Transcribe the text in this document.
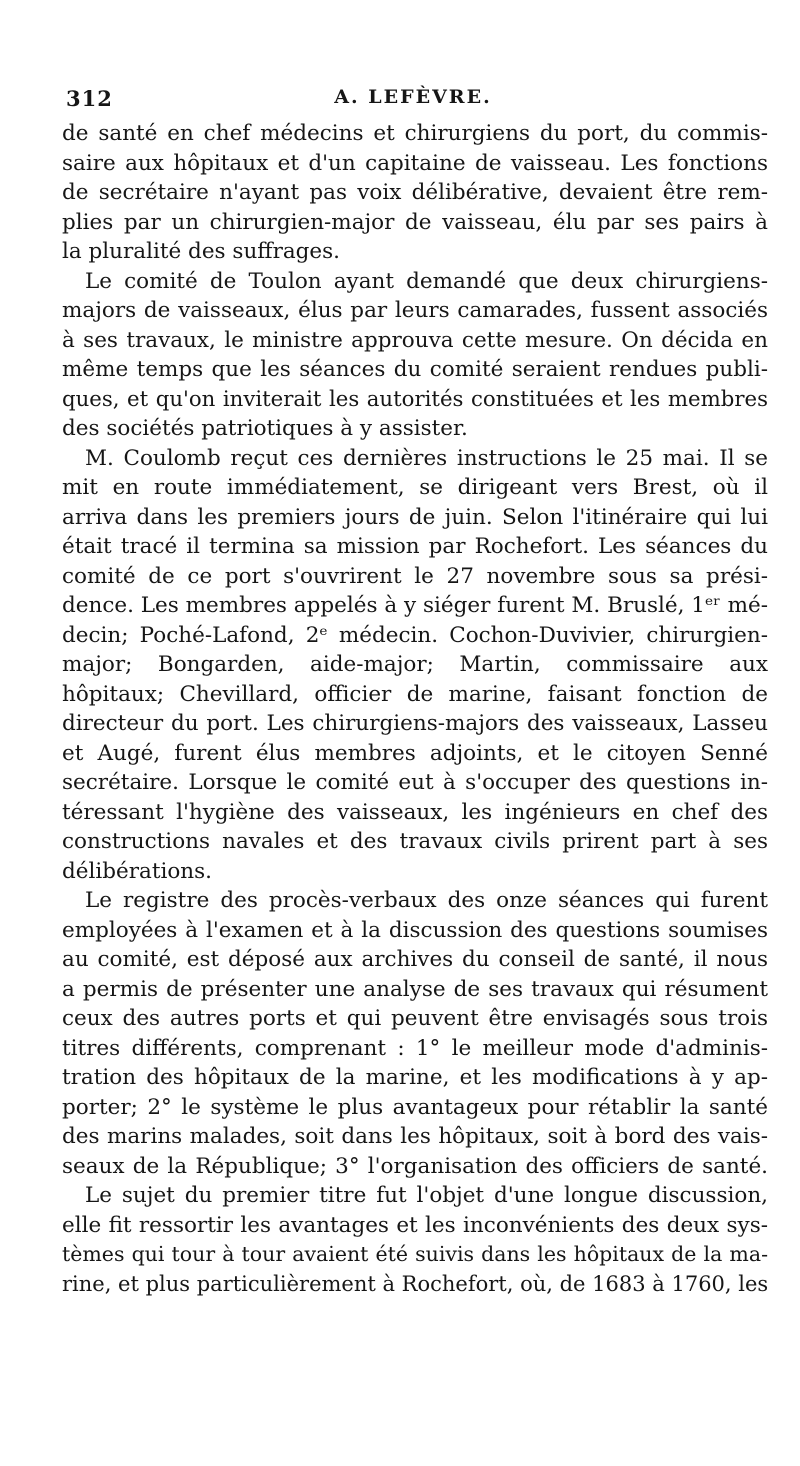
312	A. LEFÈVRE.
de santé en chef médecins et chirurgiens du port, du commis-
saire aux hôpitaux et d'un capitaine de vaisseau. Les fonctions
de secrétaire n'ayant pas voix délibérative, devaient être rem-
plies par un chirurgien-major de vaisseau, élu par ses pairs à
la pluralité des suffrages.
Le comité de Toulon ayant demandé que deux chirurgiens-
majors de vaisseaux, élus par leurs camarades, fussent associés
à ses travaux, le ministre approuva cette mesure. On décida en
même temps que les séances du comité seraient rendues publi-
ques, et qu'on inviterait les autorités constituées et les membres
des sociétés patriotiques à y assister.
M. Coulomb reçut ces dernières instructions le 25 mai. Il se
mit en route immédiatement, se dirigeant vers Brest, où il
arriva dans les premiers jours de juin. Selon l'itinéraire qui lui
était tracé il termina sa mission par Rochefort. Les séances du
comité de ce port s'ouvrirent le 27 novembre sous sa prési-
dence. Les membres appelés à y siéger furent M. Bruslé, 1ᵉʳ mé-
decin; Poché-Lafond, 2ᵉ médecin. Cochon-Duvivier, chirurgien-
major; Bongarden, aide-major; Martin, commissaire aux
hôpitaux; Chevillard, officier de marine, faisant fonction de
directeur du port. Les chirurgiens-majors des vaisseaux, Lasseu
et Augé, furent élus membres adjoints, et le citoyen Senné
secrétaire. Lorsque le comité eut à s'occuper des questions in-
téressant l'hygiène des vaisseaux, les ingénieurs en chef des
constructions navales et des travaux civils prirent part à ses
délibérations.
Le registre des procès-verbaux des onze séances qui furent
employées à l'examen et à la discussion des questions soumises
au comité, est déposé aux archives du conseil de santé, il nous
a permis de présenter une analyse de ses travaux qui résument
ceux des autres ports et qui peuvent être envisagés sous trois
titres différents, comprenant : 1° le meilleur mode d'adminis-
tration des hôpitaux de la marine, et les modifications à y ap-
porter; 2° le système le plus avantageux pour rétablir la santé
des marins malades, soit dans les hôpitaux, soit à bord des vais-
seaux de la République; 3° l'organisation des officiers de santé.
Le sujet du premier titre fut l'objet d'une longue discussion,
elle fit ressortir les avantages et les inconvénients des deux sys-
tèmes qui tour à tour avaient été suivis dans les hôpitaux de la ma-
rine, et plus particulièrement à Rochefort, où, de 1683 à 1760, les
